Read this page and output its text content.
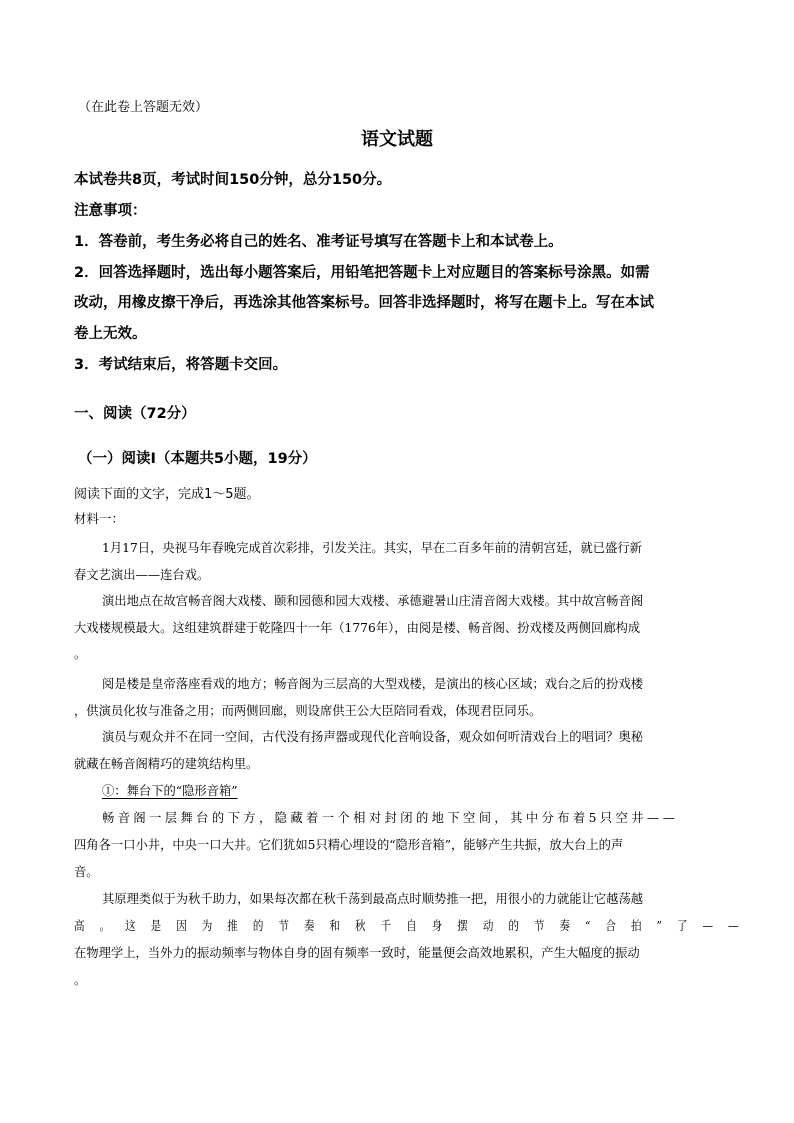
（在此卷上答题无效）
语文试题
本试卷共8页，考试时间150分钟，总分150分。
注意事项：
1．答卷前，考生务必将自己的姓名、准考证号填写在答题卡上和本试卷上。
2．回答选择题时，选出每小题答案后，用铅笔把答题卡上对应题目的答案标号涂黑。如需
改动，用橡皮擦干净后，再选涂其他答案标号。回答非选择题时，将写在题卡上。写在本试
卷上无效。
3．考试结束后，将答题卡交回。
一、阅读（72分）
（一）阅读Ⅰ（本题共5小题，19分）
阅读下面的文字，完成1～5题。
材料一：
1月17日，央视马年春晚完成首次彩排，引发关注。其实，早在二百多年前的清朝宫廷，就已盛行新
春文艺演出——连台戏。
演出地点在故宫畅音阁大戏楼、颐和园德和园大戏楼、承德避暑山庄清音阁大戏楼。其中故宫畅音阁
大戏楼规模最大。这组建筑群建于乾隆四十一年（1776年），由阅是楼、畅音阁、扮戏楼及两侧回廊构成
。
阅是楼是皇帝落座看戏的地方；畅音阁为三层高的大型戏楼，是演出的核心区域；戏台之后的扮戏楼
，供演员化妆与准备之用；而两侧回廊，则设席供王公大臣陪同看戏，体现君臣同乐。
演员与观众并不在同一空间，古代没有扬声器或现代化音响设备，观众如何听清戏台上的唱词？奥秘
就藏在畅音阁精巧的建筑结构里。
①：舞台下的“隐形音箱”
畅音阁一层舞台的下方，隐藏着一个相对封闭的地下空间，其中分布着5只空井——
四角各一口小井，中央一口大井。它们犹如5只精心埋设的“隐形音箱”，能够产生共振，放大台上的声
音。
其原理类似于为秋千助力，如果每次都在秋千荡到最高点时顺势推一把，用很小的力就能让它越荡越
高。这是因为推的节奏和秋千自身摆动的节奏“合拍”了——
在物理学上，当外力的振动频率与物体自身的固有频率一致时，能量便会高效地累积，产生大幅度的振动
。
